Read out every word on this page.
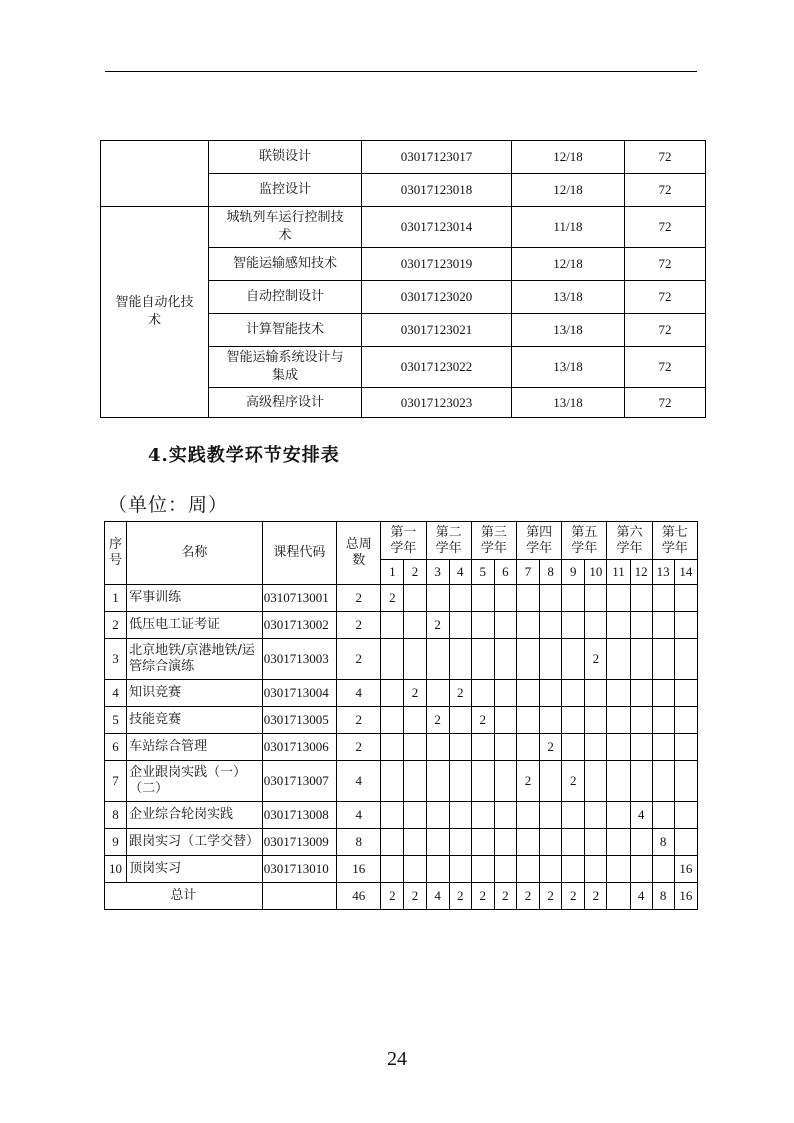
	联锁设计	03017123017	12/18	72
	监控设计	03017123018	12/18	72
智能自动化技术	城轨列车运行控制技术	03017123014	11/18	72
	智能运输感知技术	03017123019	12/18	72
	自动控制设计	03017123020	13/18	72
	计算智能技术	03017123021	13/18	72
	智能运输系统设计与集成	03017123022	13/18	72
	高级程序设计	03017123023	13/18	72
4.实践教学环节安排表
（单位：周）
序号	名称	课程代码	总周数	第一学年		第二学年		第三学年		第四学年		第五学年		第六学年		第七学年	
				1	2	3	4	5	6	7	8	9	10	11	12	13	14
1	军事训练	0310713001	2	2													
2	低压电工证考证	0301713002	2			2											
3	北京地铁/京港地铁/运管综合演练	0301713003	2										2				
4	知识竞赛	0301713004	4		2		2										
5	技能竞赛	0301713005	2			2		2									
6	车站综合管理	0301713006	2								2						
7	企业跟岗实践（一）（二）	0301713007	4							2		2					
8	企业综合轮岗实践	0301713008	4												4		
9	跟岗实习（工学交替）	0301713009	8													8	
10	顶岗实习	0301713010	16														16
总计			46	2	2	4	2	2	2	2	2	2	2		4	8	16
24
